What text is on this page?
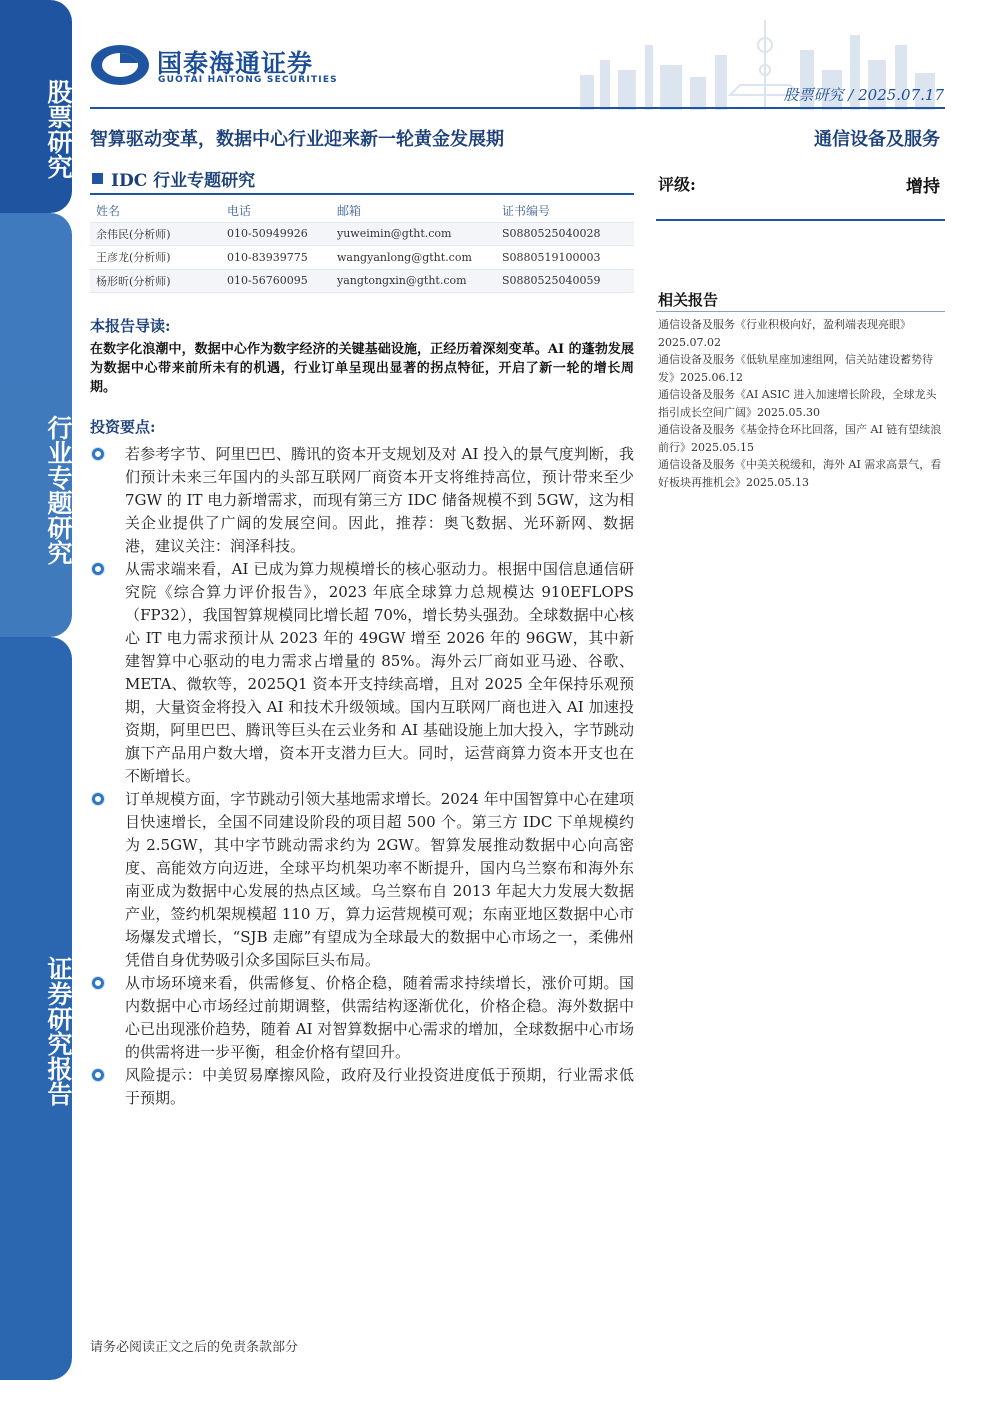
股票研究
行业专题研究
证券研究报告
国泰海通证券
GUOTAI HAITONG SECURITIES
股票研究 / 2025.07.17
智算驱动变革，数据中心行业迎来新一轮黄金发展期	通信设备及服务
IDC 行业专题研究
姓名	电话	邮箱	证书编号
余伟民(分析师)	010-50949926	yuweimin@gtht.com	S0880525040028
王彦龙(分析师)	010-83939775	wangyanlong@gtht.com	S0880519100003
杨形昕(分析师)	010-56760095	yangtongxin@gtht.com	S0880525040059
评级:	增持
相关报告
通信设备及服务《行业积极向好，盈利端表现亮眼》2025.07.02
通信设备及服务《低轨星座加速组网，信关站建设蓄势待发》2025.06.12
通信设备及服务《AI ASIC 进入加速增长阶段，全球龙头指引成长空间广阔》2025.05.30
通信设备及服务《基金持仓环比回落，国产 AI 链有望续浪前行》2025.05.15
通信设备及服务《中美关税缓和，海外 AI 需求高景气，看好板块再推机会》2025.05.13
本报告导读:
在数字化浪潮中，数据中心作为数字经济的关键基础设施，正经历着深刻变革。AI 的蓬勃发展为数据中心带来前所未有的机遇，行业订单呈现出显著的拐点特征，开启了新一轮的增长周期。
投资要点:
若参考字节、阿里巴巴、腾讯的资本开支规划及对 AI 投入的景气度判断，我们预计未来三年国内的头部互联网厂商资本开支将维持高位，预计带来至少 7GW 的 IT 电力新增需求，而现有第三方 IDC 储备规模不到 5GW，这为相关企业提供了广阔的发展空间。因此，推荐：奥飞数据、光环新网、数据港，建议关注：润泽科技。
从需求端来看，AI 已成为算力规模增长的核心驱动力。根据中国信息通信研究院《综合算力评价报告》，2023 年底全球算力总规模达 910EFLOPS（FP32），我国智算规模同比增长超 70%，增长势头强劲。全球数据中心核心 IT 电力需求预计从 2023 年的 49GW 增至 2026 年的 96GW，其中新建智算中心驱动的电力需求占增量的 85%。海外云厂商如亚马逊、谷歌、META、微软等，2025Q1 资本开支持续高增，且对 2025 全年保持乐观预期，大量资金将投入 AI 和技术升级领域。国内互联网厂商也进入 AI 加速投资期，阿里巴巴、腾讯等巨头在云业务和 AI 基础设施上加大投入，字节跳动旗下产品用户数大增，资本开支潜力巨大。同时，运营商算力资本开支也在不断增长。
订单规模方面，字节跳动引领大基地需求增长。2024 年中国智算中心在建项目快速增长，全国不同建设阶段的项目超 500 个。第三方 IDC 下单规模约为 2.5GW，其中字节跳动需求约为 2GW。智算发展推动数据中心向高密度、高能效方向迈进，全球平均机架功率不断提升，国内乌兰察布和海外东南亚成为数据中心发展的热点区域。乌兰察布自 2013 年起大力发展大数据产业，签约机架规模超 110 万，算力运营规模可观；东南亚地区数据中心市场爆发式增长，“SJB 走廊”有望成为全球最大的数据中心市场之一，柔佛州凭借自身优势吸引众多国际巨头布局。
从市场环境来看，供需修复、价格企稳，随着需求持续增长，涨价可期。国内数据中心市场经过前期调整，供需结构逐渐优化，价格企稳。海外数据中心已出现涨价趋势，随着 AI 对智算数据中心需求的增加，全球数据中心市场的供需将进一步平衡，租金价格有望回升。
风险提示：中美贸易摩擦风险，政府及行业投资进度低于预期，行业需求低于预期。
请务必阅读正文之后的免责条款部分
